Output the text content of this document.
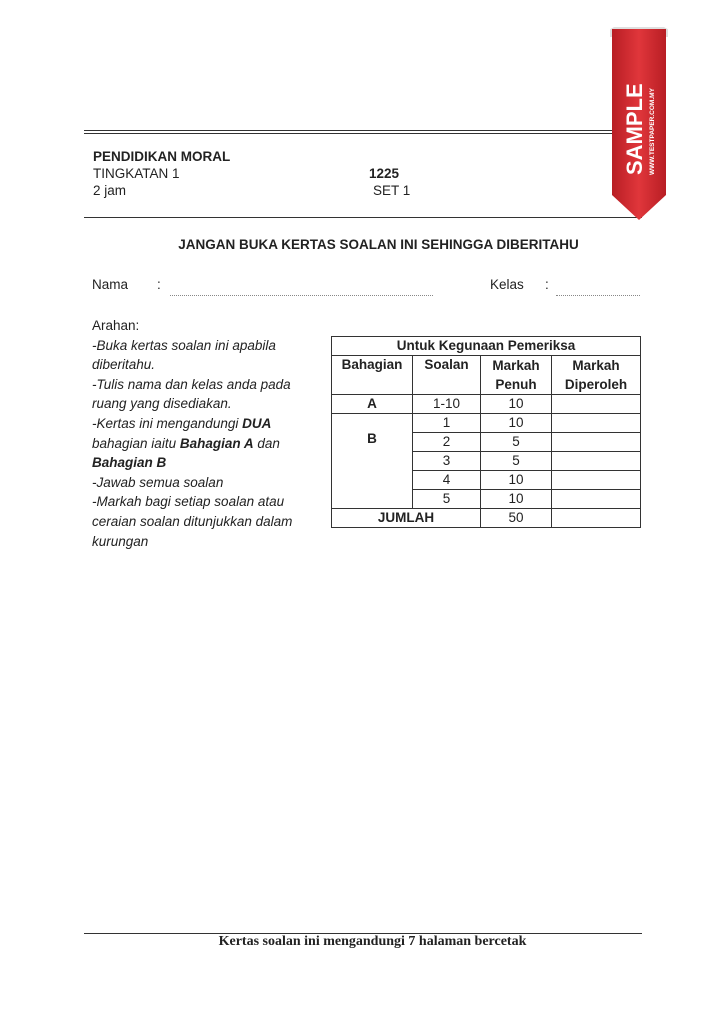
PENDIDIKAN MORAL
TINGKATAN 1
2 jam
1225
SET 1
JANGAN BUKA KERTAS SOALAN INI SEHINGGA DIBERITAHU
Nama :	Kelas :
Arahan:
-Buka kertas soalan ini apabila diberitahu.
-Tulis nama dan kelas anda pada ruang yang disediakan.
-Kertas ini mengandungi DUA bahagian iaitu Bahagian A dan Bahagian B
-Jawab semua soalan
-Markah bagi setiap soalan atau ceraian soalan ditunjukkan dalam kurungan
Untuk Kegunaan Pemeriksa			
Bahagian	Soalan	Markah Penuh	Markah Diperoleh
A	1-10	10	
B	1	10	
	2	5	
	3	5	
	4	10	
	5	10	
JUMLAH		50	
Kertas soalan ini mengandungi 7 halaman bercetak
SAMPLE WWW.TESTPAPER.COM.MY
